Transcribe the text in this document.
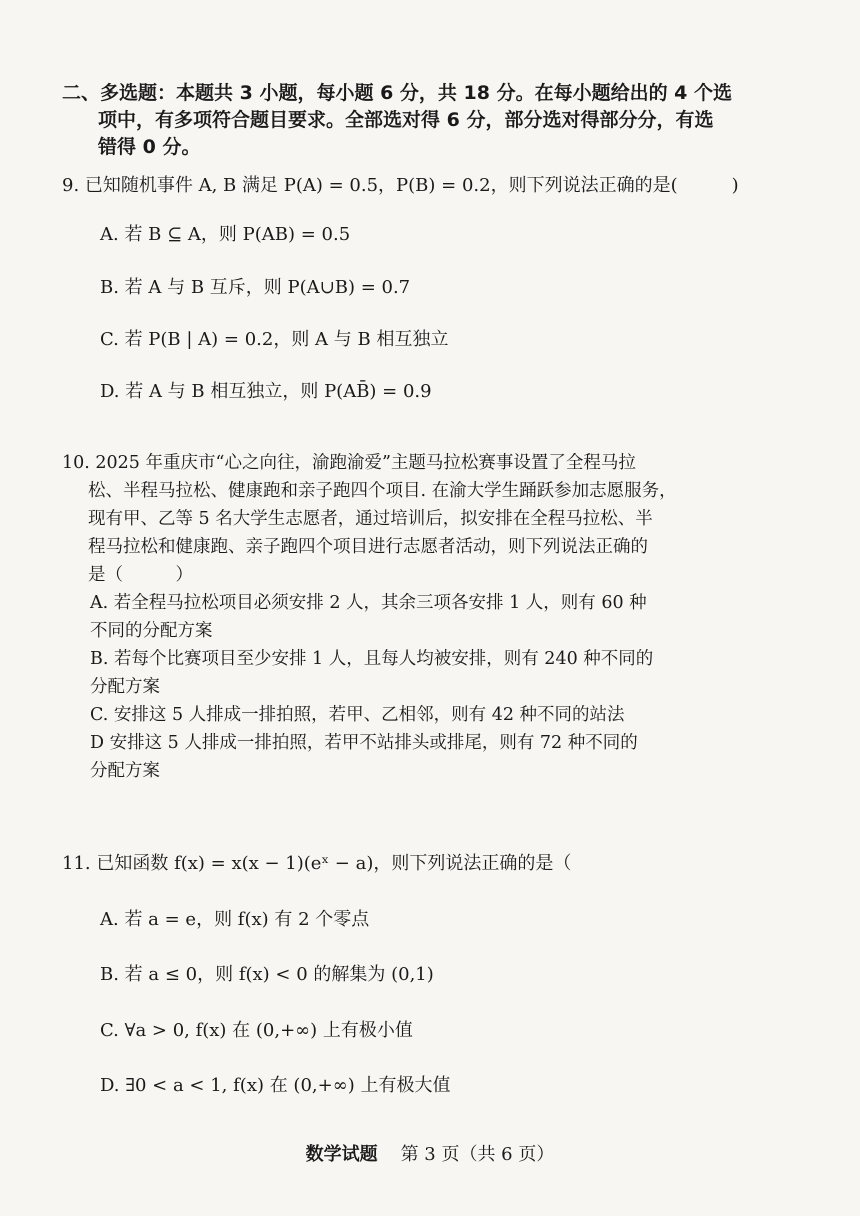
二、多选题：本题共 3 小题，每小题 6 分，共 18 分。在每小题给出的 4 个选
项中，有多项符合题目要求。全部选对得 6 分，部分选对得部分分，有选
错得 0 分。
9. 已知随机事件 A, B 满足 P(A) = 0.5，P(B) = 0.2，则下列说法正确的是(　　　)
A. 若 B ⊆ A，则 P(AB) = 0.5
B. 若 A 与 B 互斥，则 P(A∪B) = 0.7
C. 若 P(B | A) = 0.2，则 A 与 B 相互独立
D. 若 A 与 B 相互独立，则 P(AB̄) = 0.9
10. 2025 年重庆市“心之向往，渝跑渝爱”主题马拉松赛事设置了全程马拉
松、半程马拉松、健康跑和亲子跑四个项目. 在渝大学生踊跃参加志愿服务，
现有甲、乙等 5 名大学生志愿者，通过培训后，拟安排在全程马拉松、半
程马拉松和健康跑、亲子跑四个项目进行志愿者活动，则下列说法正确的
是（　　　）
A. 若全程马拉松项目必须安排 2 人，其余三项各安排 1 人，则有 60 种
不同的分配方案
B. 若每个比赛项目至少安排 1 人，且每人均被安排，则有 240 种不同的
分配方案
C. 安排这 5 人排成一排拍照，若甲、乙相邻，则有 42 种不同的站法
D 安排这 5 人排成一排拍照，若甲不站排头或排尾，则有 72 种不同的
分配方案
11. 已知函数 f(x) = x(x − 1)(eˣ − a)，则下列说法正确的是（
A. 若 a = e，则 f(x) 有 2 个零点
B. 若 a ≤ 0，则 f(x) < 0 的解集为 (0,1)
C. ∀a > 0, f(x) 在 (0,+∞) 上有极小值
D. ∃0 < a < 1, f(x) 在 (0,+∞) 上有极大值
数学试题 第 3 页（共 6 页）
